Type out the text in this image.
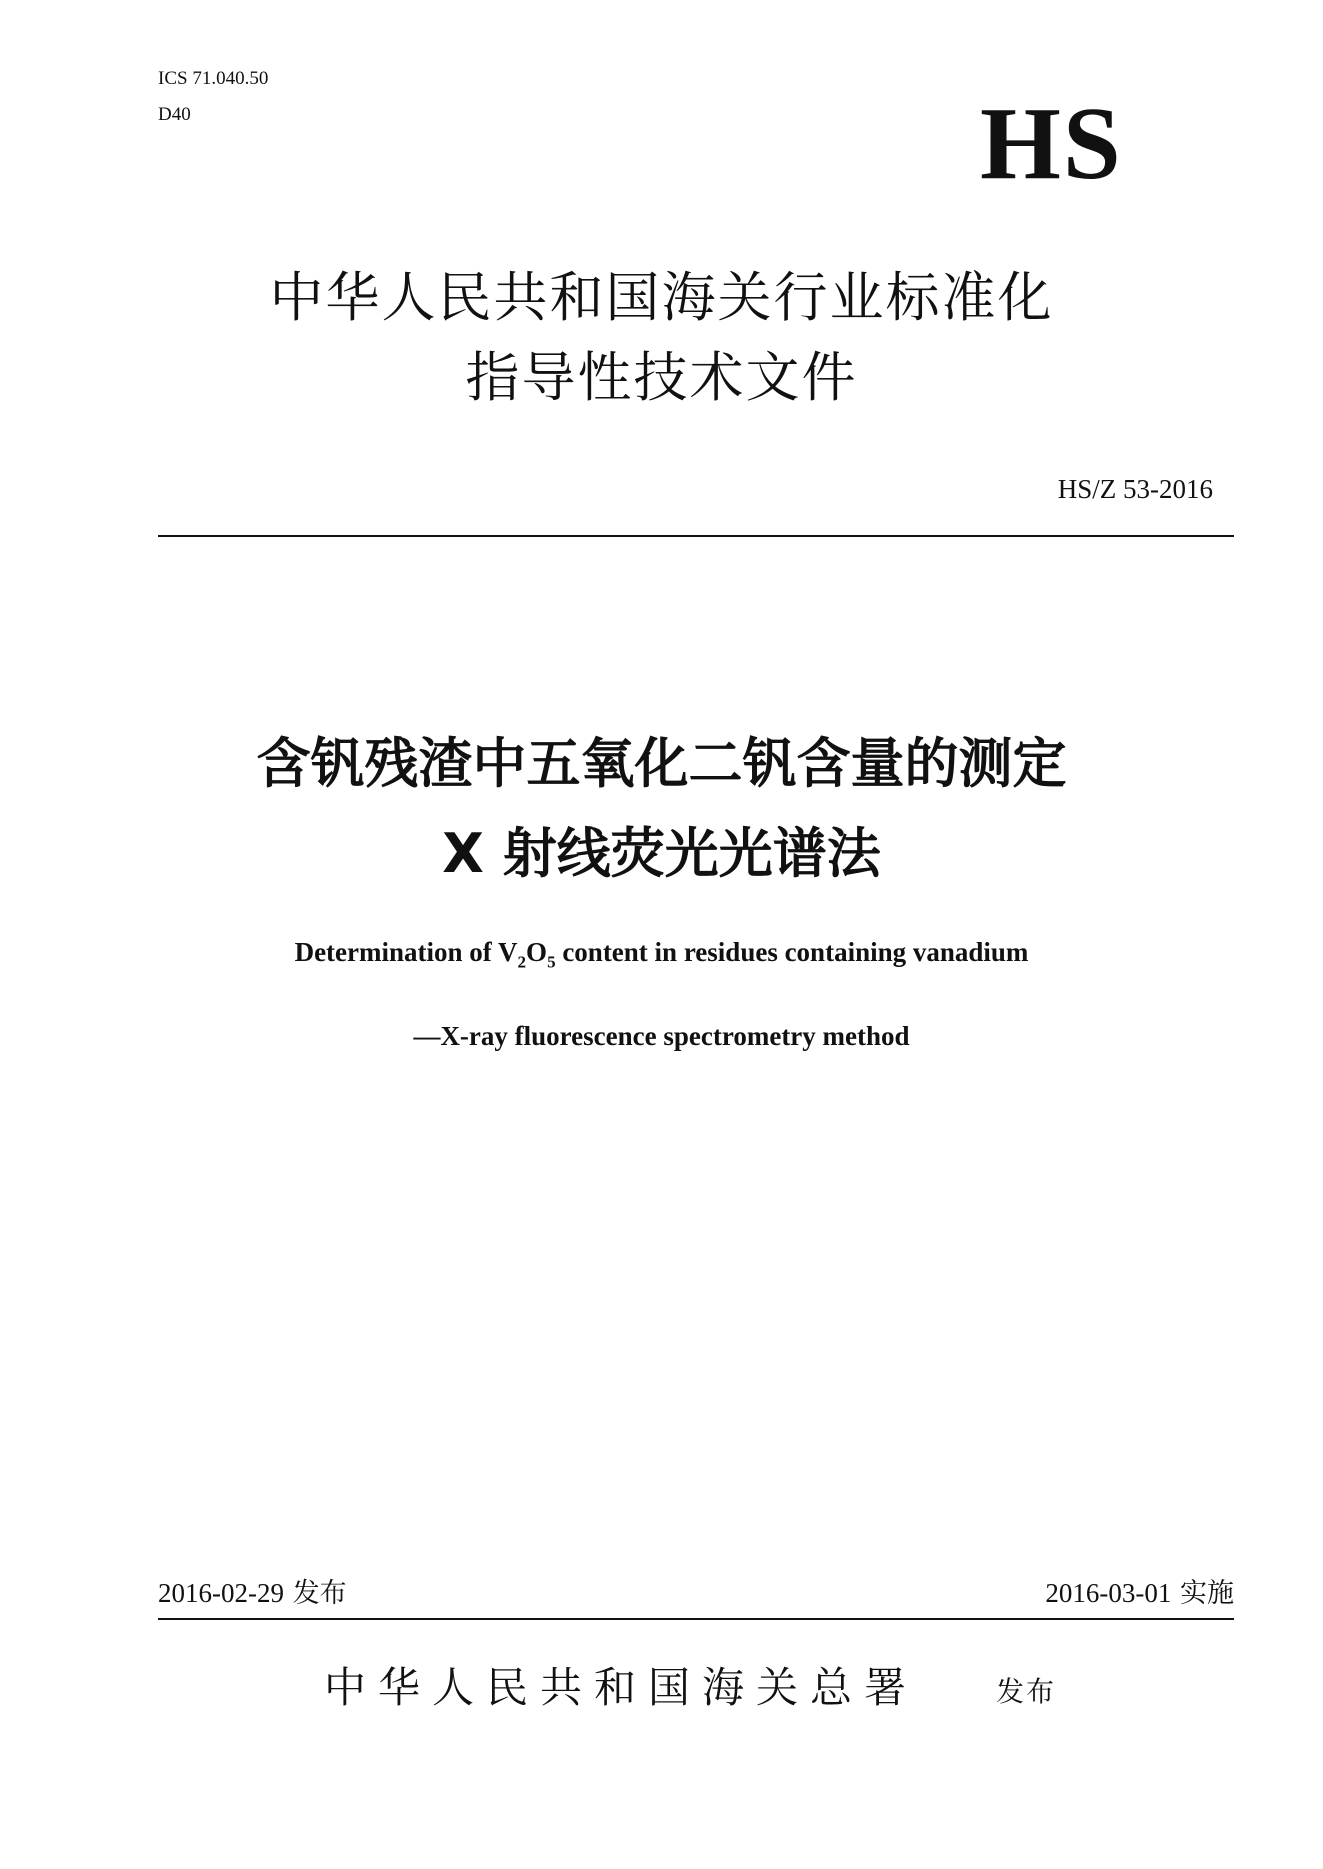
ICS 71.040.50
D40	HS
中华人民共和国海关行业标准化
指导性技术文件
HS/Z 53-2016
含钒残渣中五氧化二钒含量的测定
X 射线荧光光谱法
Determination of $V_2O_5$ content in residues containing vanadium
—X-ray fluorescence spectrometry method
2016-02-29 发布	2016-03-01 实施
中华人民共和国海关总署	发布
